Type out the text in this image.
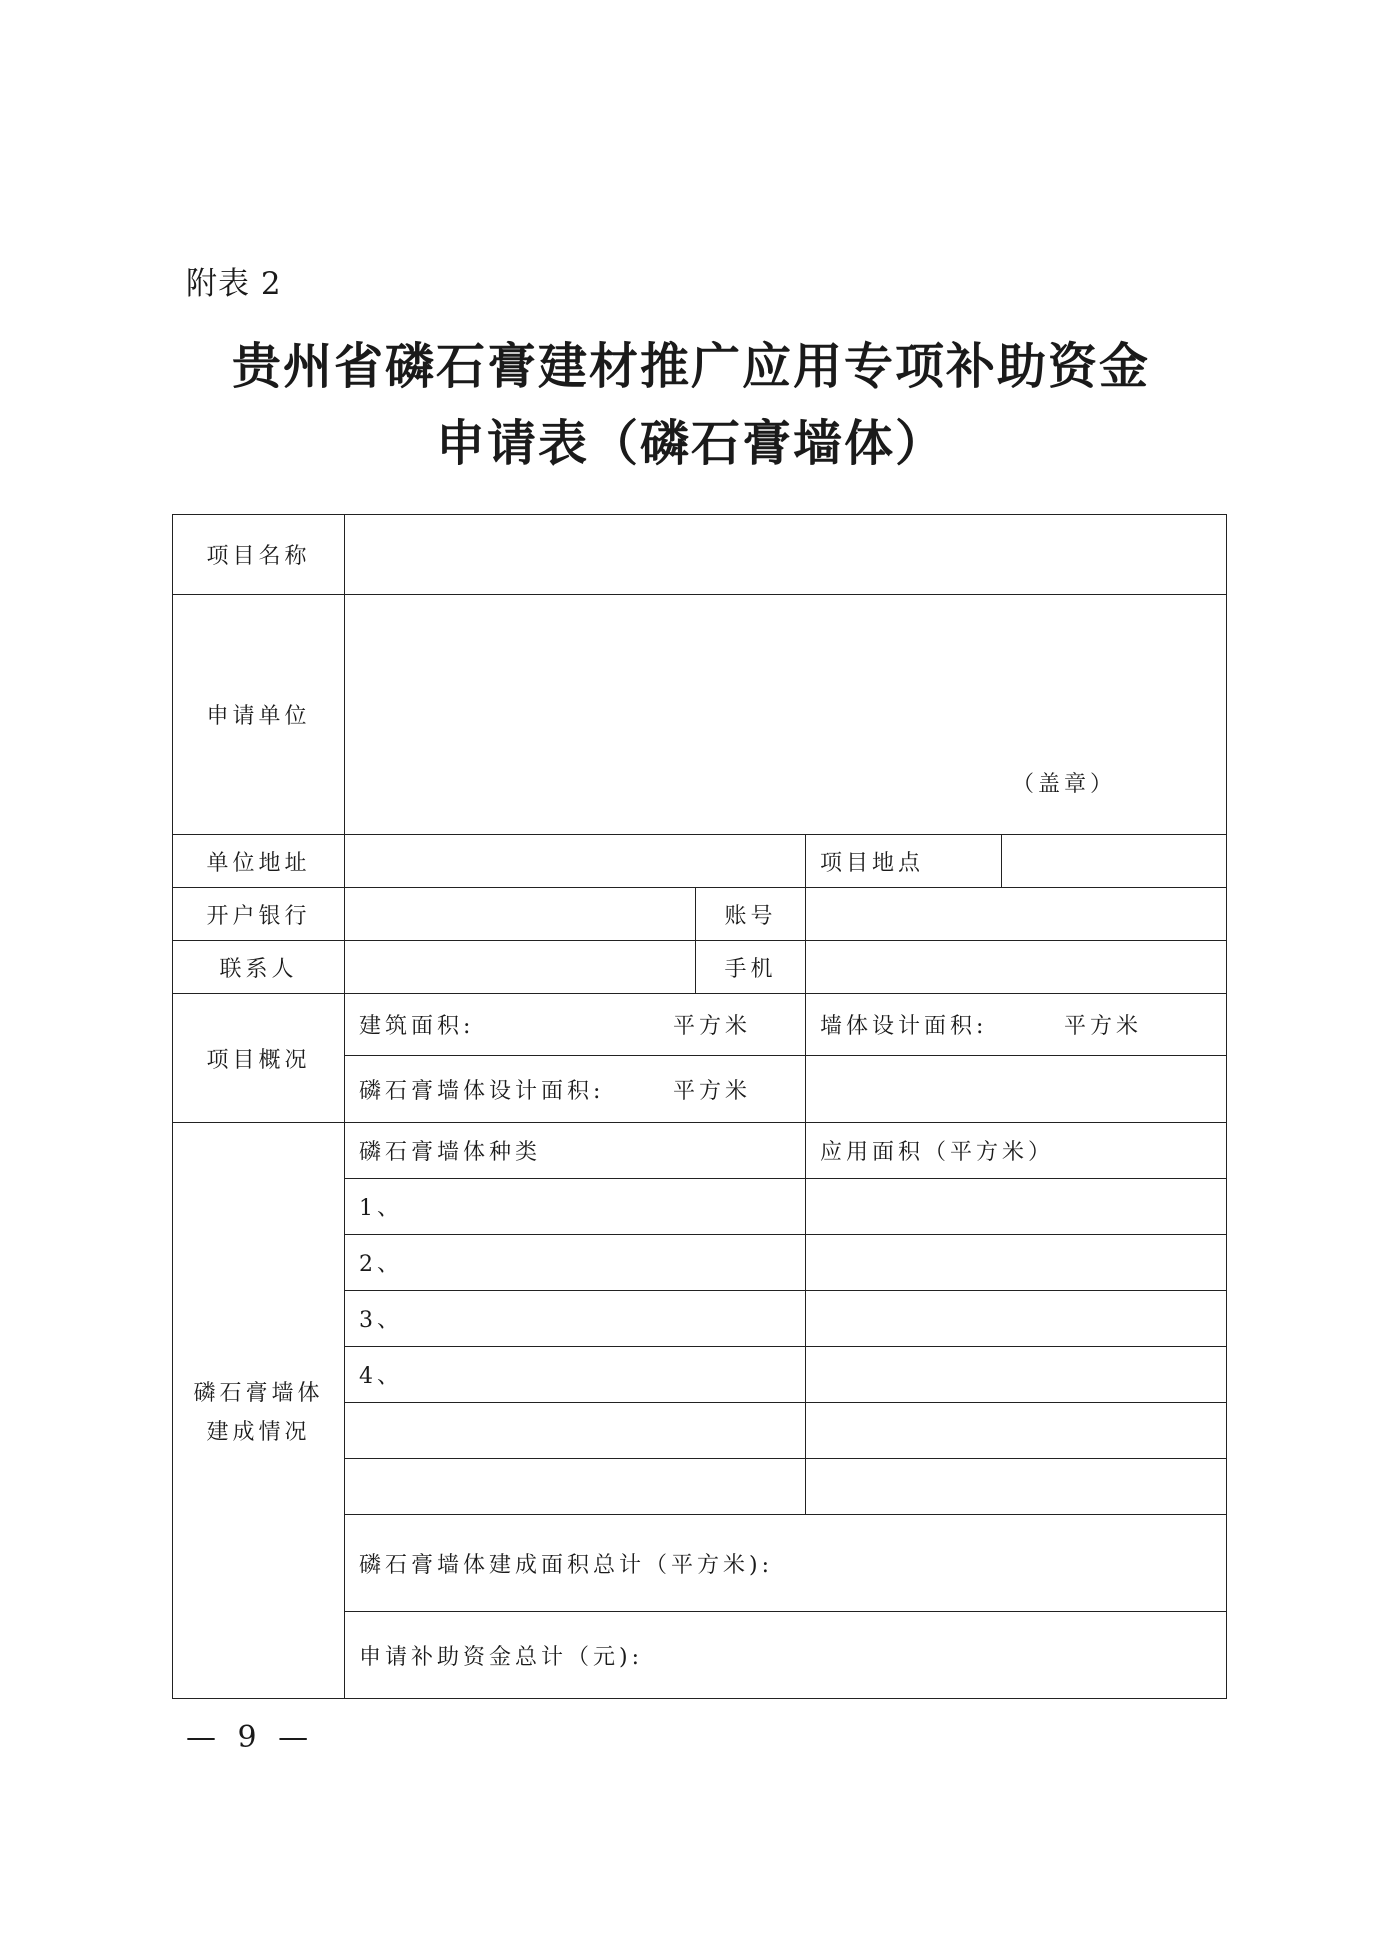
附表 2
贵州省磷石膏建材推广应用专项补助资金
申请表（磷石膏墙体）
项目名称				
申请单位	（盖章）			

单位地址			项目地点	
开户银行		账号		
联系人		手机		
项目概况	建筑面积: 平方米		墙体设计面积: 平方米	

	磷石膏墙体设计面积: 平方米			

磷石膏墙体
建成情况	磷石膏墙体种类		应用面积（平方米）	
	1、			
	2、			
	3、			
	4、			

	磷石膏墙体建成面积总计（平方米):			
	申请补助资金总计（元):			
— 9 —
